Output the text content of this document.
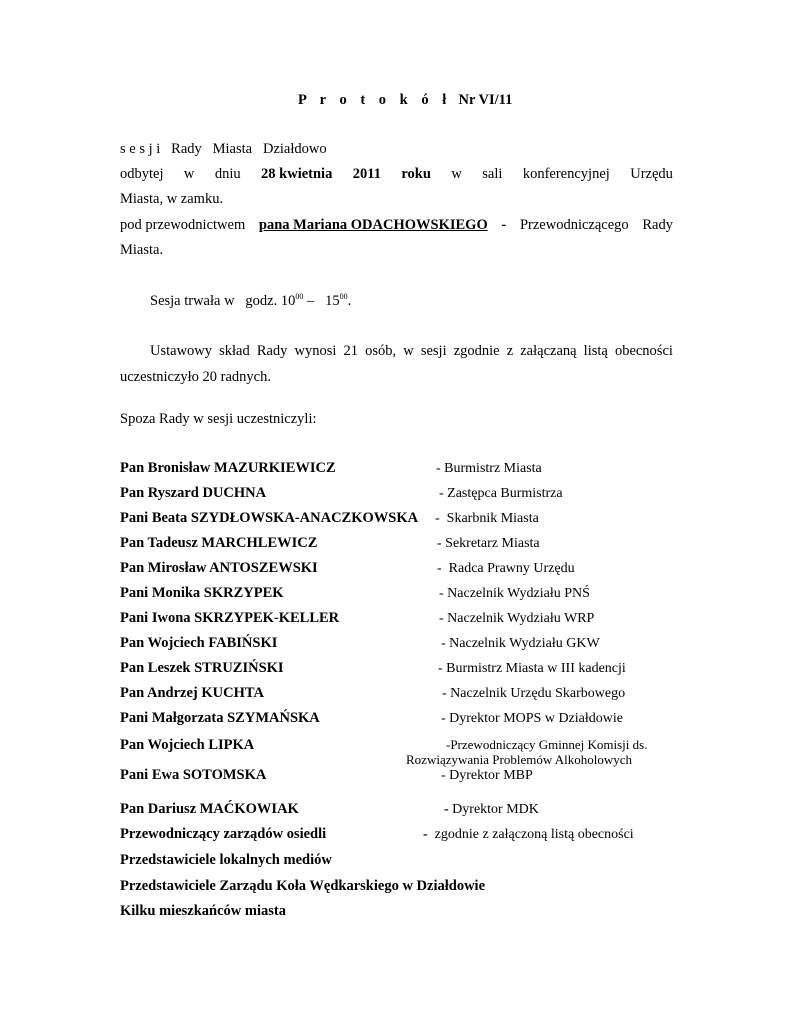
P r o t o k ó ł Nr VI/11
s e s j i   Rady   Miasta   Działdowo
odbytej w dniu 28 kwietnia 2011 roku w sali konferencyjnej Urzędu
Miasta, w zamku.
pod przewodnictwem pana Mariana ODACHOWSKIEGO - Przewodniczącego Rady
Miasta.
Sesja trwała w   godz. $10^{00} - 15^{00}$.
Ustawowy skład Rady wynosi 21 osób, w sesji zgodnie z załączaną listą obecności
uczestniczyło 20 radnych.
Spoza Rady w sesji uczestniczyli:
Pan Bronisław MAZURKIEWICZ	- Burmistrz Miasta
Pan Ryszard DUCHNA	- Zastępca Burmistrza
Pani Beata SZYDŁOWSKA-ANACZKOWSKA -  Skarbnik Miasta
Pan Tadeusz MARCHLEWICZ	- Sekretarz Miasta
Pan Mirosław ANTOSZEWSKI	-  Radca Prawny Urzędu
Pani Monika SKRZYPEK	- Naczelnik Wydziału PNŚ
Pani Iwona SKRZYPEK-KELLER	- Naczelnik Wydziału WRP
Pan Wojciech FABIŃSKI	- Naczelnik Wydziału GKW
Pan Leszek STRUZIŃSKI	- Burmistrz Miasta w III kadencji
Pan Andrzej KUCHTA	- Naczelnik Urzędu Skarbowego
Pani Małgorzata SZYMAŃSKA	- Dyrektor MOPS w Działdowie
Pan Wojciech LIPKA	-Przewodniczący Gminnej Komisji ds.
Rozwiązywania Problemów Alkoholowych
Pani Ewa SOTOMSKA	- Dyrektor MBP
Pan Dariusz MAĆKOWIAK	- Dyrektor MDK
Przewodniczący zarządów osiedli	-  zgodnie z załączoną listą obecności
Przedstawiciele lokalnych mediów
Przedstawiciele Zarządu Koła Wędkarskiego w Działdowie
Kilku mieszkańców miasta
